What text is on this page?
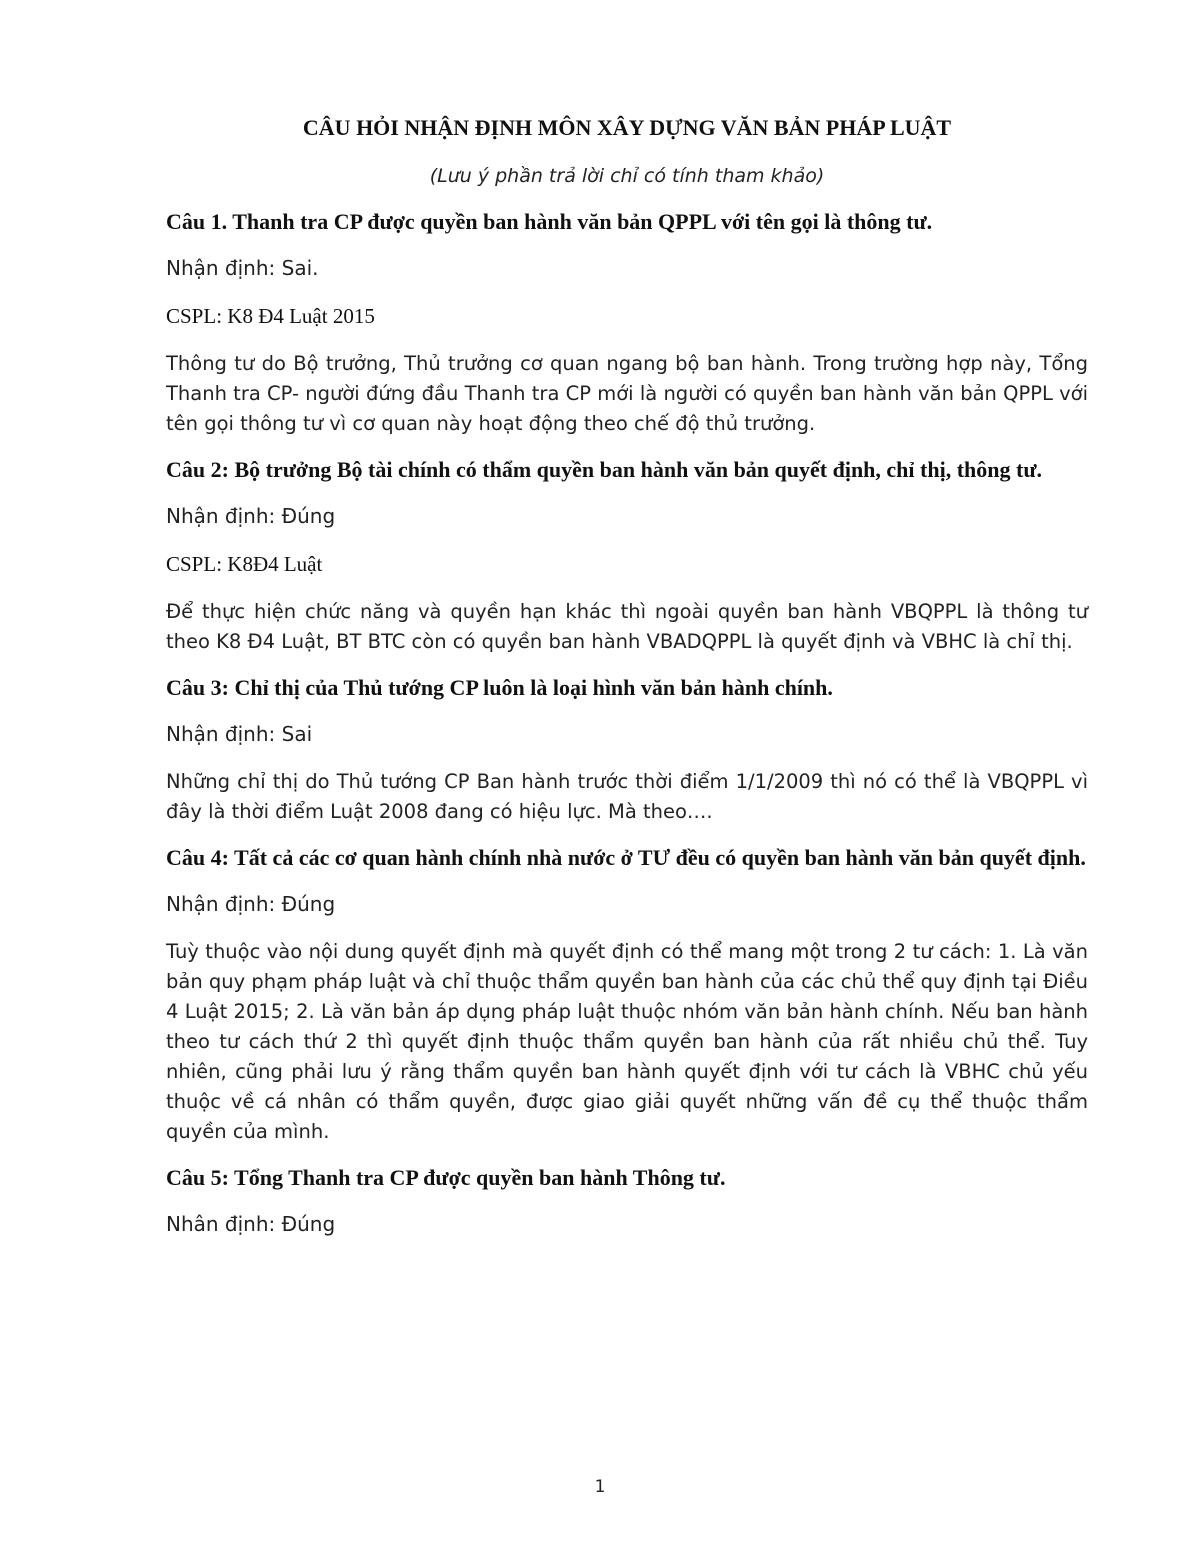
CÂU HỎI NHẬN ĐỊNH MÔN XÂY DỰNG VĂN BẢN PHÁP LUẬT

(Lưu ý phần trả lời chỉ có tính tham khảo)

Câu 1. Thanh tra CP được quyền ban hành văn bản QPPL với tên gọi là thông tư.

Nhận định: Sai.

CSPL: K8 Đ4 Luật 2015

Thông tư do Bộ trưởng, Thủ trưởng cơ quan ngang bộ ban hành. Trong trường hợp này, Tổng Thanh tra CP- người đứng đầu Thanh tra CP mới là người có quyền ban hành văn bản QPPL với tên gọi thông tư vì cơ quan này hoạt động theo chế độ thủ trưởng.

Câu 2: Bộ trưởng Bộ tài chính có thẩm quyền ban hành văn bản quyết định, chỉ thị, thông tư.

Nhận định: Đúng

CSPL: K8Đ4 Luật

Để thực hiện chức năng và quyền hạn khác thì ngoài quyền ban hành VBQPPL là thông tư theo K8 Đ4 Luật, BT BTC còn có quyền ban hành VBADQPPL là quyết định và VBHC là chỉ thị.

Câu 3: Chỉ thị của Thủ tướng CP luôn là loại hình văn bản hành chính.

Nhận định: Sai

Những chỉ thị do Thủ tướng CP Ban hành trước thời điểm 1/1/2009 thì nó có thể là VBQPPL vì đây là thời điểm Luật 2008 đang có hiệu lực. Mà theo….

Câu 4: Tất cả các cơ quan hành chính nhà nước ở TƯ đều có quyền ban hành văn bản quyết định.

Nhận định: Đúng

Tuỳ thuộc vào nội dung quyết định mà quyết định có thể mang một trong 2 tư cách: 1. Là văn bản quy phạm pháp luật và chỉ thuộc thẩm quyền ban hành của các chủ thể quy định tại Điều 4 Luật 2015; 2. Là văn bản áp dụng pháp luật thuộc nhóm văn bản hành chính. Nếu ban hành theo tư cách thứ 2 thì quyết định thuộc thẩm quyền ban hành của rất nhiều chủ thể. Tuy nhiên, cũng phải lưu ý rằng thẩm quyền ban hành quyết định với tư cách là VBHC chủ yếu thuộc về cá nhân có thẩm quyền, được giao giải quyết những vấn đề cụ thể thuộc thẩm quyền của mình.

Câu 5: Tổng Thanh tra CP được quyền ban hành Thông tư.

Nhân định: Đúng

1
